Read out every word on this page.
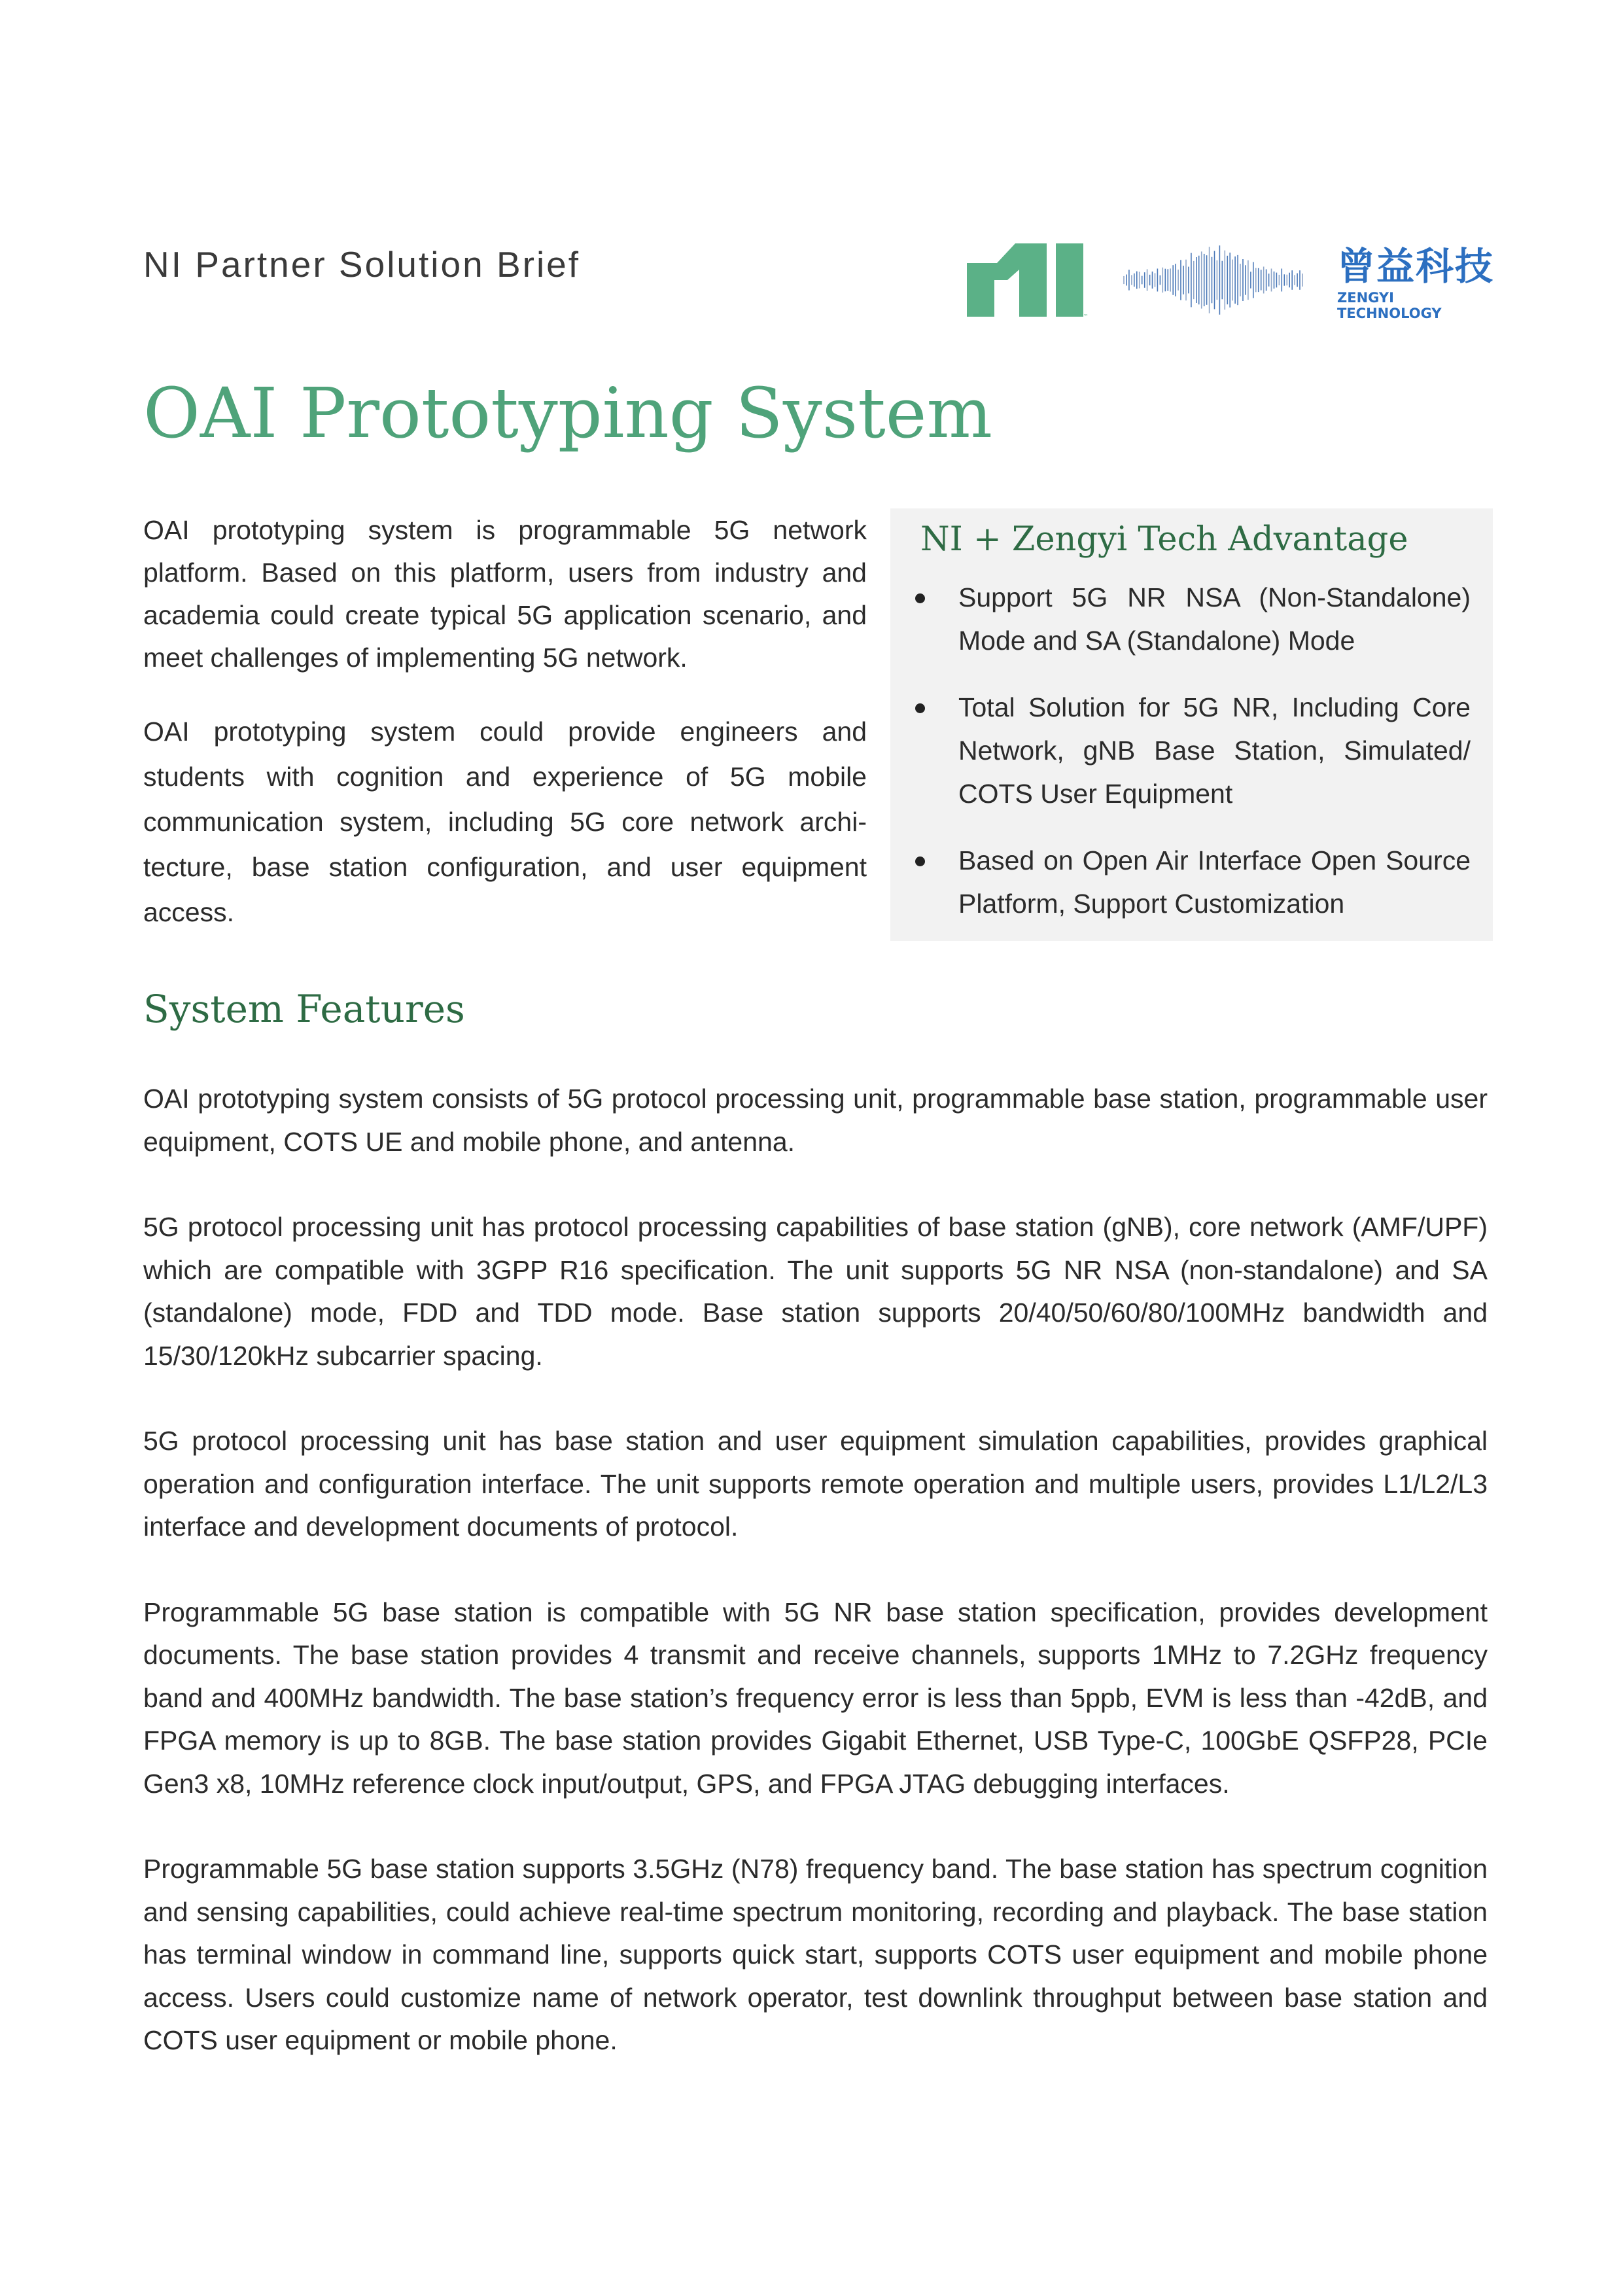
NI Partner Solution Brief
™
曾益科技
ZENGYI TECHNOLOGY
OAI Prototyping System

OAI prototyping system is programmable 5G network platform. Based on this platform, users from industry and academia could create typical 5G application scenario, and meet challenges of implementing 5G network.

OAI prototyping system could provide engineers and students with cognition and experience of 5G mobile communication system, including 5G core network archi-tecture, base station configuration, and user equipment access.

NI + Zengyi Tech Advantage
Support 5G NR NSA (Non-Standalone) Mode and SA (Standalone) Mode
Total Solution for 5G NR, Including Core Network, gNB Base Station, Simulated/ COTS User Equipment
Based on Open Air Interface Open Source Platform, Support Customization
System Features

OAI prototyping system consists of 5G protocol processing unit, programmable base station, programmable user equipment, COTS UE and mobile phone, and antenna.

5G protocol processing unit has protocol processing capabilities of base station (gNB), core network (AMF/UPF) which are compatible with 3GPP R16 specification. The unit supports 5G NR NSA (non-standalone) and SA (standalone) mode, FDD and TDD mode. Base station supports 20/40/50/60/80/100MHz bandwidth and 15/30/120kHz subcarrier spacing.

5G protocol processing unit has base station and user equipment simulation capabilities, provides graphical operation and configuration interface. The unit supports remote operation and multiple users, provides L1/L2/L3 interface and development documents of protocol.

Programmable 5G base station is compatible with 5G NR base station specification, provides development documents. The base station provides 4 transmit and receive channels, supports 1MHz to 7.2GHz frequency band and 400MHz bandwidth. The base station’s frequency error is less than 5ppb, EVM is less than -42dB, and FPGA memory is up to 8GB. The base station provides Gigabit Ethernet, USB Type-C, 100GbE QSFP28, PCIe Gen3 x8, 10MHz reference clock input/output, GPS, and FPGA JTAG debugging interfaces.

Programmable 5G base station supports 3.5GHz (N78) frequency band. The base station has spectrum cognition and sensing capabilities, could achieve real-time spectrum monitoring, recording and playback. The base station has terminal window in command line, supports quick start, supports COTS user equipment and mobile phone access. Users could customize name of network operator, test downlink throughput between base station and COTS user equipment or mobile phone.
